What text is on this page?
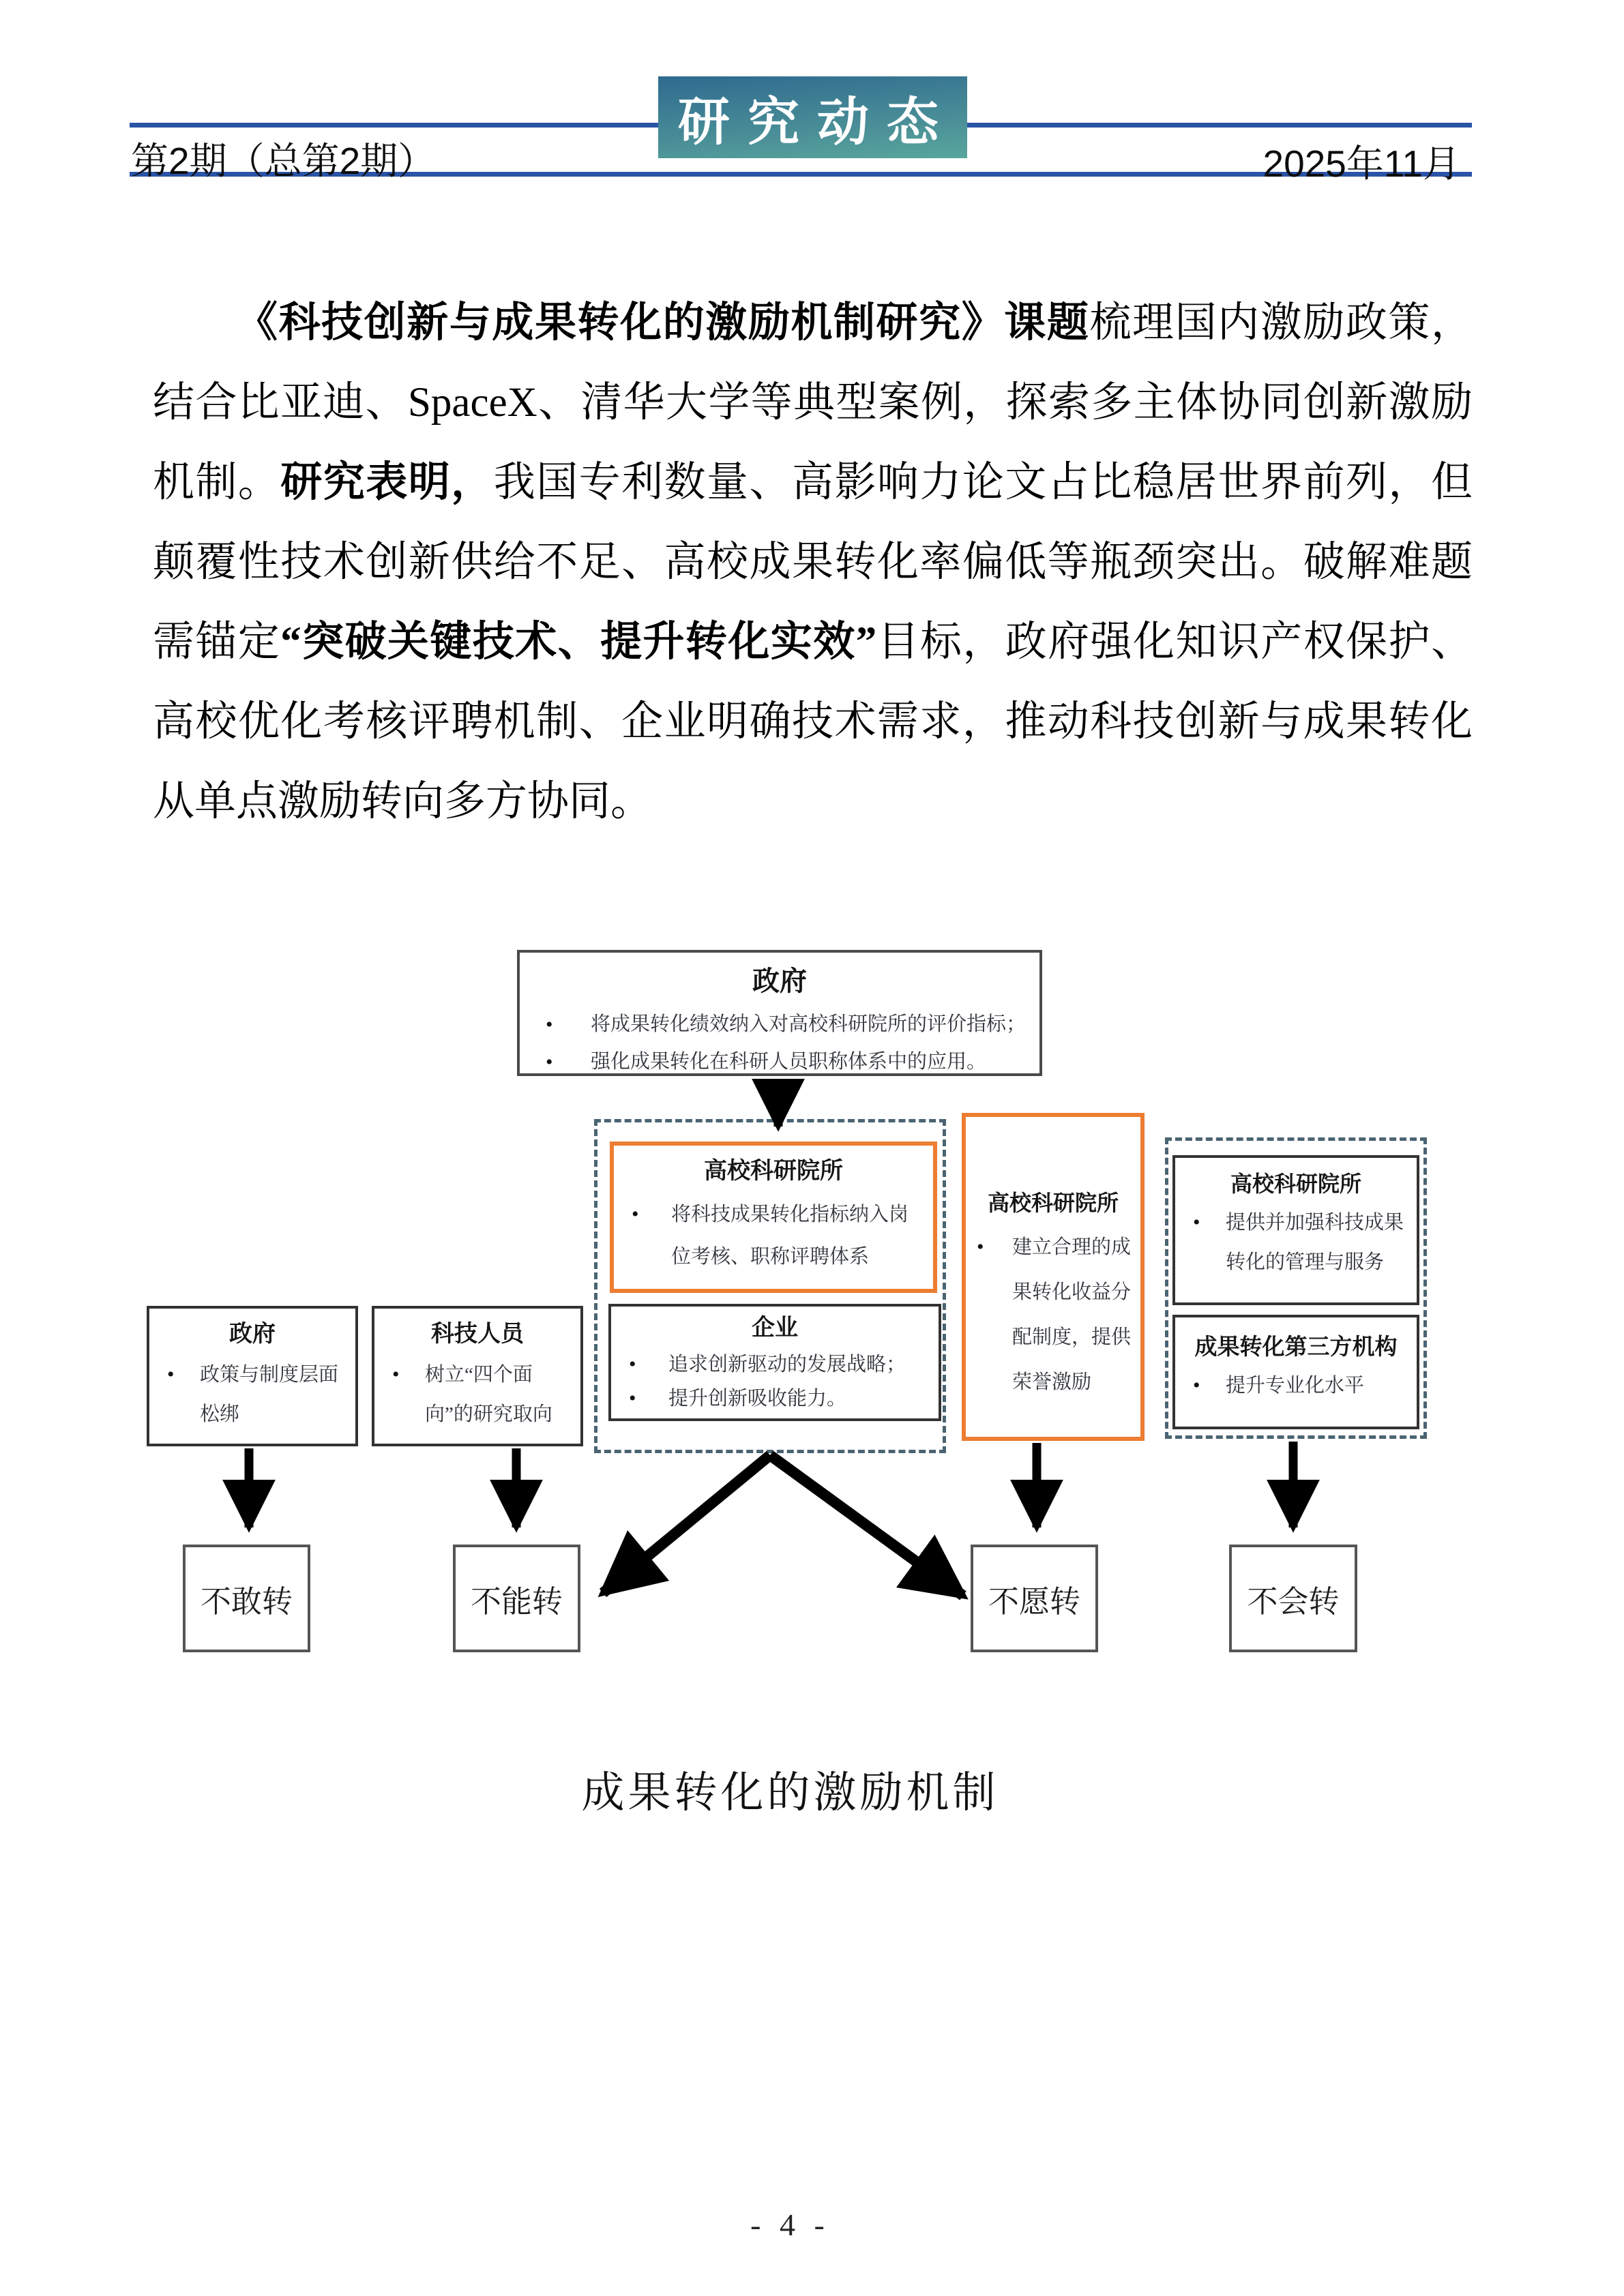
第2期（总第2期）
研究动态
2025年11月

《科技创新与成果转化的激励机制研究》课题梳理国内激励政策，结合比亚迪、SpaceX、清华大学等典型案例，探索多主体协同创新激励机制。研究表明，我国专利数量、高影响力论文占比稳居世界前列，但颠覆性技术创新供给不足、高校成果转化率偏低等瓶颈突出。破解难题需锚定“突破关键技术、提升转化实效”目标，政府强化知识产权保护、高校优化考核评聘机制、企业明确技术需求，推动科技创新与成果转化从单点激励转向多方协同。

政府
• 将成果转化绩效纳入对高校科研院所的评价指标；
• 强化成果转化在科研人员职称体系中的应用。
高校科研院所
• 将科技成果转化指标纳入岗位考核、职称评聘体系
企业
• 追求创新驱动的发展战略；
• 提升创新吸收能力。
高校科研院所
• 建立合理的成果转化收益分配制度，提供荣誉激励
高校科研院所
• 提供并加强科技成果转化的管理与服务
成果转化第三方机构
• 提升专业化水平
政府
• 政策与制度层面松绑
科技人员
• 树立“四个面向”的研究取向
不敢转	不能转	不愿转	不会转
成果转化的激励机制
- 4 -
